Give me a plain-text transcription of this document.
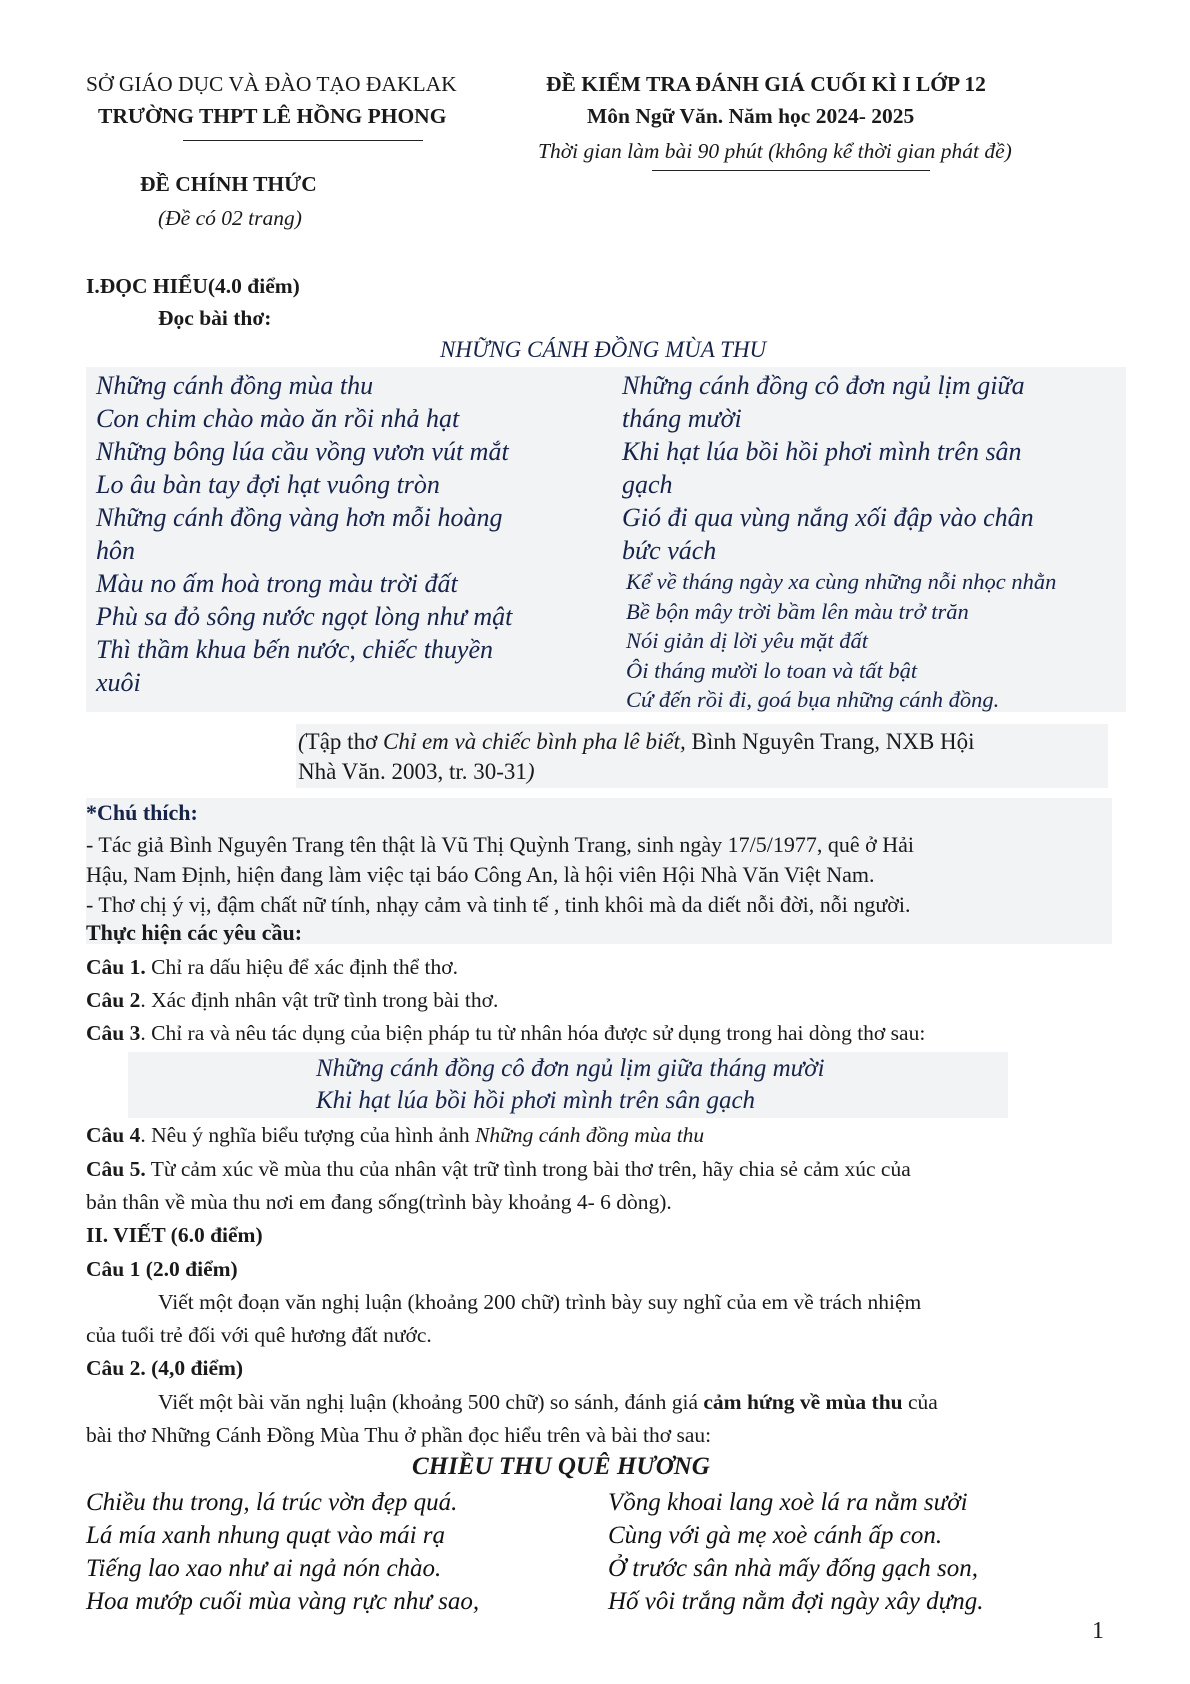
SỞ GIÁO DỤC VÀ ĐÀO TẠO ĐAKLAK
TRƯỜNG THPT LÊ HỒNG PHONG
ĐỀ KIỂM TRA ĐÁNH GIÁ CUỐI KÌ I LỚP 12
Môn Ngữ Văn. Năm học 2024- 2025
Thời gian làm bài 90 phút (không kể thời gian phát đề)
ĐỀ CHÍNH THỨC
(Đề có 02 trang)
I.ĐỌC HIỂU(4.0 điểm)
Đọc bài thơ:
NHỮNG CÁNH ĐỒNG MÙA THU
Những cánh đồng mùa thu
Con chim chào mào ăn rồi nhả hạt
Những bông lúa cầu vồng vươn vút mắt
Lo âu bàn tay đợi hạt vuông tròn
Những cánh đồng vàng hơn mỗi hoàng
hôn
Màu no ấm hoà trong màu trời đất
Phù sa đỏ sông nước ngọt lòng như mật
Thì thầm khua bến nước, chiếc thuyền
xuôi
Những cánh đồng cô đơn ngủ lịm giữa
tháng mười
Khi hạt lúa bồi hồi phơi mình trên sân
gạch
Gió đi qua vùng nắng xối đập vào chân
bức vách
Kể về tháng ngày xa cùng những nỗi nhọc nhằn
Bề bộn mây trời bầm lên màu trở trăn
Nói giản dị lời yêu mặt đất
Ôi tháng mười lo toan và tất bật
Cứ đến rồi đi, goá bụa những cánh đồng.
(Tập thơ Chỉ em và chiếc bình pha lê biết, Bình Nguyên Trang, NXB Hội
Nhà Văn. 2003, tr. 30-31)
*Chú thích:
- Tác giả Bình Nguyên Trang tên thật là Vũ Thị Quỳnh Trang, sinh ngày 17/5/1977, quê ở Hải
Hậu, Nam Định, hiện đang làm việc tại báo Công An, là hội viên Hội Nhà Văn Việt Nam.
- Thơ chị ý vị, đậm chất nữ tính, nhạy cảm và tinh tế , tinh khôi mà da diết nỗi đời, nỗi người.
Thực hiện các yêu cầu:
Câu 1. Chỉ ra dấu hiệu để xác định thể thơ.
Câu 2. Xác định nhân vật trữ tình trong bài thơ.
Câu 3. Chỉ ra và nêu tác dụng của biện pháp tu từ nhân hóa được sử dụng trong hai dòng thơ sau:
Những cánh đồng cô đơn ngủ lịm giữa tháng mười
Khi hạt lúa bồi hồi phơi mình trên sân gạch
Câu 4. Nêu ý nghĩa biểu tượng của hình ảnh Những cánh đồng mùa thu
Câu 5. Từ cảm xúc về mùa thu của nhân vật trữ tình trong bài thơ trên, hãy chia sẻ cảm xúc của
bản thân về mùa thu nơi em đang sống(trình bày khoảng 4- 6 dòng).
II. VIẾT (6.0 điểm)
Câu 1 (2.0 điểm)
Viết một đoạn văn nghị luận (khoảng 200 chữ) trình bày suy nghĩ của em về trách nhiệm
của tuổi trẻ đối với quê hương đất nước.
Câu 2. (4,0 điểm)
Viết một bài văn nghị luận (khoảng 500 chữ) so sánh, đánh giá cảm hứng về mùa thu của
bài thơ Những Cánh Đồng Mùa Thu ở phần đọc hiểu trên và bài thơ sau:
CHIỀU THU QUÊ HƯƠNG
Chiều thu trong, lá trúc vờn đẹp quá.
Lá mía xanh nhung quạt vào mái rạ
Tiếng lao xao như ai ngả nón chào.
Hoa mướp cuối mùa vàng rực như sao,
Vồng khoai lang xoè lá ra nằm sưởi
Cùng với gà mẹ xoè cánh ấp con.
Ở trước sân nhà mấy đống gạch son,
Hố vôi trắng nằm đợi ngày xây dựng.
1
